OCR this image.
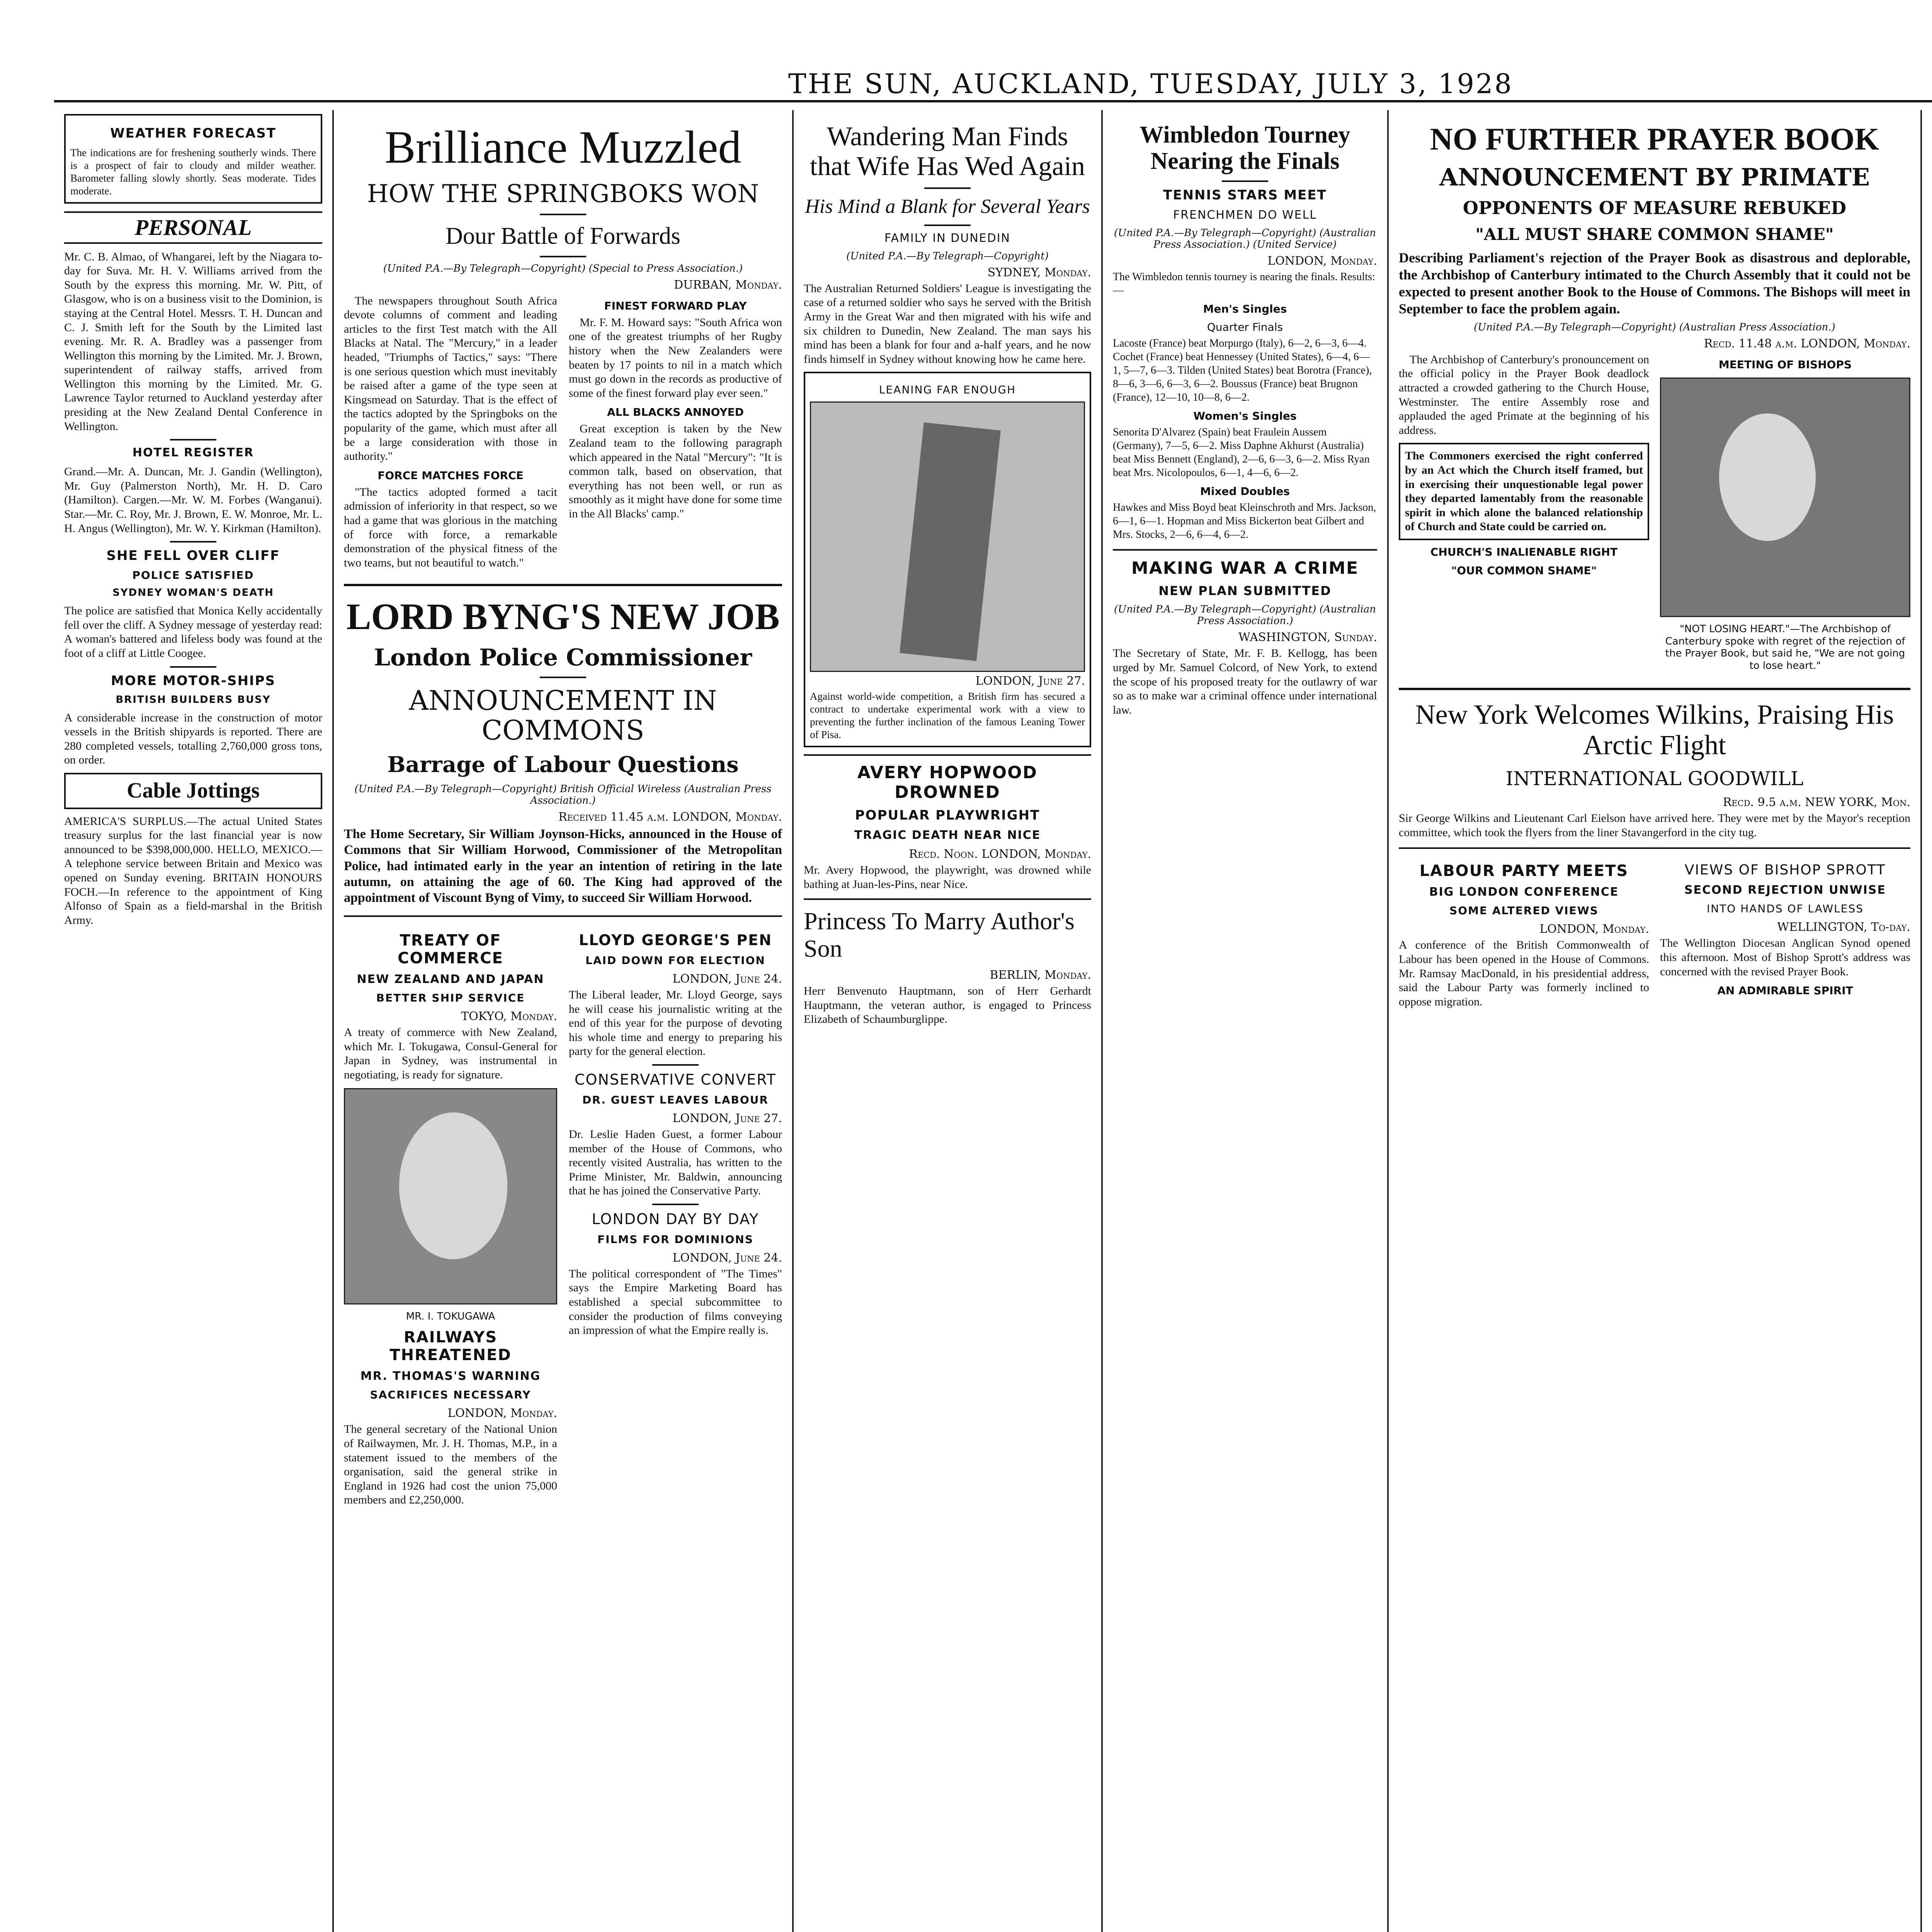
THE SUN, AUCKLAND, TUESDAY, JULY 3, 1928
WEATHER FORECAST
The indications are for freshening southerly winds. There is a prospect of fair to cloudy and milder weather. Barometer falling slowly shortly. Seas moderate. Tides moderate.
PERSONAL
Mr. C. B. Almao, of Whangarei, left by the Niagara to-day for Suva. Mr. H. V. Williams arrived from the South by the express this morning. Mr. W. Pitt, of Glasgow, who is on a business visit to the Dominion, is staying at the Central Hotel. Messrs. T. H. Duncan and C. J. Smith left for the South by the Limited last evening. Mr. R. A. Bradley was a passenger from Wellington this morning by the Limited. Mr. J. Brown, superintendent of railway staffs, arrived from Wellington this morning by the Limited. Mr. G. Lawrence Taylor returned to Auckland yesterday after presiding at the New Zealand Dental Conference in Wellington.
HOTEL REGISTER
Grand.—Mr. A. Duncan, Mr. J. Gandin (Wellington), Mr. Guy (Palmerston North), Mr. H. D. Caro (Hamilton). Cargen.—Mr. W. M. Forbes (Wanganui). Star.—Mr. C. Roy, Mr. J. Brown, E. W. Monroe, Mr. L. H. Angus (Wellington), Mr. W. Y. Kirkman (Hamilton).
SHE FELL OVER CLIFF
POLICE SATISFIED
SYDNEY WOMAN'S DEATH
The police are satisfied that Monica Kelly accidentally fell over the cliff. A Sydney message of yesterday read: A woman's battered and lifeless body was found at the foot of a cliff at Little Coogee.
MORE MOTOR-SHIPS
BRITISH BUILDERS BUSY
A considerable increase in the construction of motor vessels in the British shipyards is reported. There are 280 completed vessels, totalling 2,760,000 gross tons, on order.
Cable Jottings
AMERICA'S SURPLUS.—The actual United States treasury surplus for the last financial year is now announced to be $398,000,000. HELLO, MEXICO.—A telephone service between Britain and Mexico was opened on Sunday evening. BRITAIN HONOURS FOCH.—In reference to the appointment of King Alfonso of Spain as a field-marshal in the British Army.
Brilliance Muzzled
HOW THE SPRINGBOKS WON
Dour Battle of Forwards
(United P.A.—By Telegraph—Copyright) (Special to Press Association.)
DURBAN, Monday.

The newspapers throughout South Africa devote columns of comment and leading articles to the first Test match with the All Blacks at Natal. The "Mercury," in a leader headed, "Triumphs of Tactics," says: "There is one serious question which must inevitably be raised after a game of the type seen at Kingsmead on Saturday. That is the effect of the tactics adopted by the Springboks on the popularity of the game, which must after all be a large consideration with those in authority."

FORCE MATCHES FORCE

"The tactics adopted formed a tacit admission of inferiority in that respect, so we had a game that was glorious in the matching of force with force, a remarkable demonstration of the physical fitness of the two teams, but not beautiful to watch."

FINEST FORWARD PLAY

Mr. F. M. Howard says: "South Africa won one of the greatest triumphs of her Rugby history when the New Zealanders were beaten by 17 points to nil in a match which must go down in the records as productive of some of the finest forward play ever seen."

ALL BLACKS ANNOYED

Great exception is taken by the New Zealand team to the following paragraph which appeared in the Natal "Mercury": "It is common talk, based on observation, that everything has not been well, or run as smoothly as it might have done for some time in the All Blacks' camp."

LORD BYNG'S NEW JOB
London Police Commissioner
ANNOUNCEMENT IN COMMONS
Barrage of Labour Questions
(United P.A.—By Telegraph—Copyright) British Official Wireless (Australian Press Association.)
Received 11.45 a.m. LONDON, Monday.
The Home Secretary, Sir William Joynson-Hicks, announced in the House of Commons that Sir William Horwood, Commissioner of the Metropolitan Police, had intimated early in the year an intention of retiring in the late autumn, on attaining the age of 60. The King had approved of the appointment of Viscount Byng of Vimy, to succeed Sir William Horwood.
TREATY OF COMMERCE
NEW ZEALAND AND JAPAN
BETTER SHIP SERVICE
TOKYO, Monday.
A treaty of commerce with New Zealand, which Mr. I. Tokugawa, Consul-General for Japan in Sydney, was instrumental in negotiating, is ready for signature.
MR. I. TOKUGAWA
RAILWAYS THREATENED
MR. THOMAS'S WARNING
SACRIFICES NECESSARY
LONDON, Monday.
The general secretary of the National Union of Railwaymen, Mr. J. H. Thomas, M.P., in a statement issued to the members of the organisation, said the general strike in England in 1926 had cost the union 75,000 members and £2,250,000.
LLOYD GEORGE'S PEN
LAID DOWN FOR ELECTION
LONDON, June 24.
The Liberal leader, Mr. Lloyd George, says he will cease his journalistic writing at the end of this year for the purpose of devoting his whole time and energy to preparing his party for the general election.
CONSERVATIVE CONVERT
DR. GUEST LEAVES LABOUR
LONDON, June 27.
Dr. Leslie Haden Guest, a former Labour member of the House of Commons, who recently visited Australia, has written to the Prime Minister, Mr. Baldwin, announcing that he has joined the Conservative Party.
LONDON DAY BY DAY
FILMS FOR DOMINIONS
LONDON, June 24.
The political correspondent of "The Times" says the Empire Marketing Board has established a special subcommittee to consider the production of films conveying an impression of what the Empire really is.
Wandering Man Finds that Wife Has Wed Again
His Mind a Blank for Several Years
FAMILY IN DUNEDIN
(United P.A.—By Telegraph—Copyright)
SYDNEY, Monday.
The Australian Returned Soldiers' League is investigating the case of a returned soldier who says he served with the British Army in the Great War and then migrated with his wife and six children to Dunedin, New Zealand. The man says his mind has been a blank for four and a-half years, and he now finds himself in Sydney without knowing how he came here.
LEANING FAR ENOUGH
LONDON, June 27.
Against world-wide competition, a British firm has secured a contract to undertake experimental work with a view to preventing the further inclination of the famous Leaning Tower of Pisa.
AVERY HOPWOOD DROWNED
POPULAR PLAYWRIGHT
TRAGIC DEATH NEAR NICE
Recd. Noon. LONDON, Monday.
Mr. Avery Hopwood, the playwright, was drowned while bathing at Juan-les-Pins, near Nice.
Princess To Marry Author's Son
BERLIN, Monday.
Herr Benvenuto Hauptmann, son of Herr Gerhardt Hauptmann, the veteran author, is engaged to Princess Elizabeth of Schaumburglippe.
Wimbledon Tourney Nearing the Finals
TENNIS STARS MEET
FRENCHMEN DO WELL
(United P.A.—By Telegraph—Copyright) (Australian Press Association.) (United Service)
LONDON, Monday.
The Wimbledon tennis tourney is nearing the finals. Results:—
Men's Singles
Quarter Finals
Lacoste (France) beat Morpurgo (Italy), 6—2, 6—3, 6—4. Cochet (France) beat Hennessey (United States), 6—4, 6—1, 5—7, 6—3. Tilden (United States) beat Borotra (France), 8—6, 3—6, 6—3, 6—2. Boussus (France) beat Brugnon (France), 12—10, 10—8, 6—2.
Women's Singles
Senorita D'Alvarez (Spain) beat Fraulein Aussem (Germany), 7—5, 6—2. Miss Daphne Akhurst (Australia) beat Miss Bennett (England), 2—6, 6—3, 6—2. Miss Ryan beat Mrs. Nicolopoulos, 6—1, 4—6, 6—2.
Mixed Doubles
Hawkes and Miss Boyd beat Kleinschroth and Mrs. Jackson, 6—1, 6—1. Hopman and Miss Bickerton beat Gilbert and Mrs. Stocks, 2—6, 6—4, 6—2.
MAKING WAR A CRIME
NEW PLAN SUBMITTED
(United P.A.—By Telegraph—Copyright) (Australian Press Association.)
WASHINGTON, Sunday.
The Secretary of State, Mr. F. B. Kellogg, has been urged by Mr. Samuel Colcord, of New York, to extend the scope of his proposed treaty for the outlawry of war so as to make war a criminal offence under international law.
NO FURTHER PRAYER BOOK
ANNOUNCEMENT BY PRIMATE
OPPONENTS OF MEASURE REBUKED
"ALL MUST SHARE COMMON SHAME"
Describing Parliament's rejection of the Prayer Book as disastrous and deplorable, the Archbishop of Canterbury intimated to the Church Assembly that it could not be expected to present another Book to the House of Commons. The Bishops will meet in September to face the problem again.
(United P.A.—By Telegraph—Copyright) (Australian Press Association.)
Recd. 11.48 a.m. LONDON, Monday.

The Archbishop of Canterbury's pronouncement on the official policy in the Prayer Book deadlock attracted a crowded gathering to the Church House, Westminster. The entire Assembly rose and applauded the aged Primate at the beginning of his address.

The Commoners exercised the right conferred by an Act which the Church itself framed, but in exercising their unquestionable legal power they departed lamentably from the reasonable spirit in which alone the balanced relationship of Church and State could be carried on.
CHURCH'S INALIENABLE RIGHT
"OUR COMMON SHAME"
MEETING OF BISHOPS
"NOT LOSING HEART."—The Archbishop of Canterbury spoke with regret of the rejection of the Prayer Book, but said he, "We are not going to lose heart."
New York Welcomes Wilkins, Praising His Arctic Flight
INTERNATIONAL GOODWILL
Recd. 9.5 a.m. NEW YORK, Mon.
Sir George Wilkins and Lieutenant Carl Eielson have arrived here. They were met by the Mayor's reception committee, which took the flyers from the liner Stavangerford in the city tug.
LABOUR PARTY MEETS
BIG LONDON CONFERENCE
SOME ALTERED VIEWS
LONDON, Monday.
A conference of the British Commonwealth of Labour has been opened in the House of Commons. Mr. Ramsay MacDonald, in his presidential address, said the Labour Party was formerly inclined to oppose migration.
VIEWS OF BISHOP SPROTT
SECOND REJECTION UNWISE
INTO HANDS OF LAWLESS
WELLINGTON, To-day.
The Wellington Diocesan Anglican Synod opened this afternoon. Most of Bishop Sprott's address was concerned with the revised Prayer Book.
AN ADMIRABLE SPIRIT
